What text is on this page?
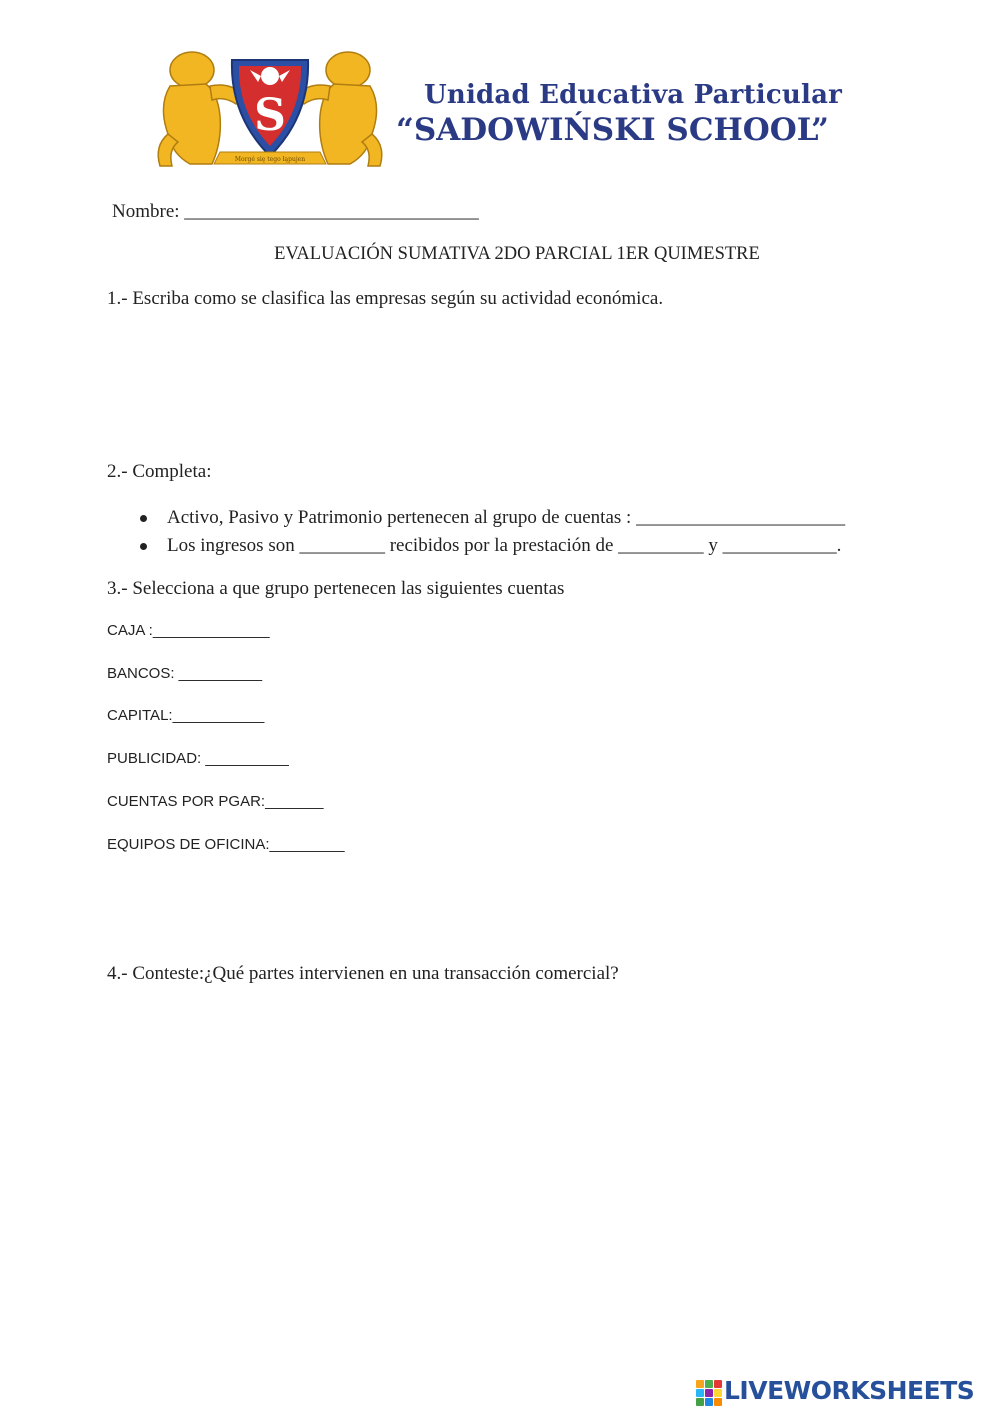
S
Morgé się tego łąpujen
Unidad Educativa Particular
“SADOWIŃSKI SCHOOL”
Nombre: _______________________________
EVALUACIÓN SUMATIVA 2DO PARCIAL 1ER QUIMESTRE
1.- Escriba como se clasifica las empresas según su actividad económica.
2.- Completa:
Activo, Pasivo y Patrimonio pertenecen al grupo de cuentas : ______________________
Los ingresos son _________ recibidos por la prestación de _________ y ____________.
3.- Selecciona a que grupo pertenecen las siguientes cuentas
CAJA :______________
BANCOS: __________
CAPITAL:___________
PUBLICIDAD: __________
CUENTAS POR PGAR:_______
EQUIPOS DE OFICINA:_________
4.- Conteste:¿Qué partes intervienen en una transacción comercial?
LIVEWORKSHEETS
